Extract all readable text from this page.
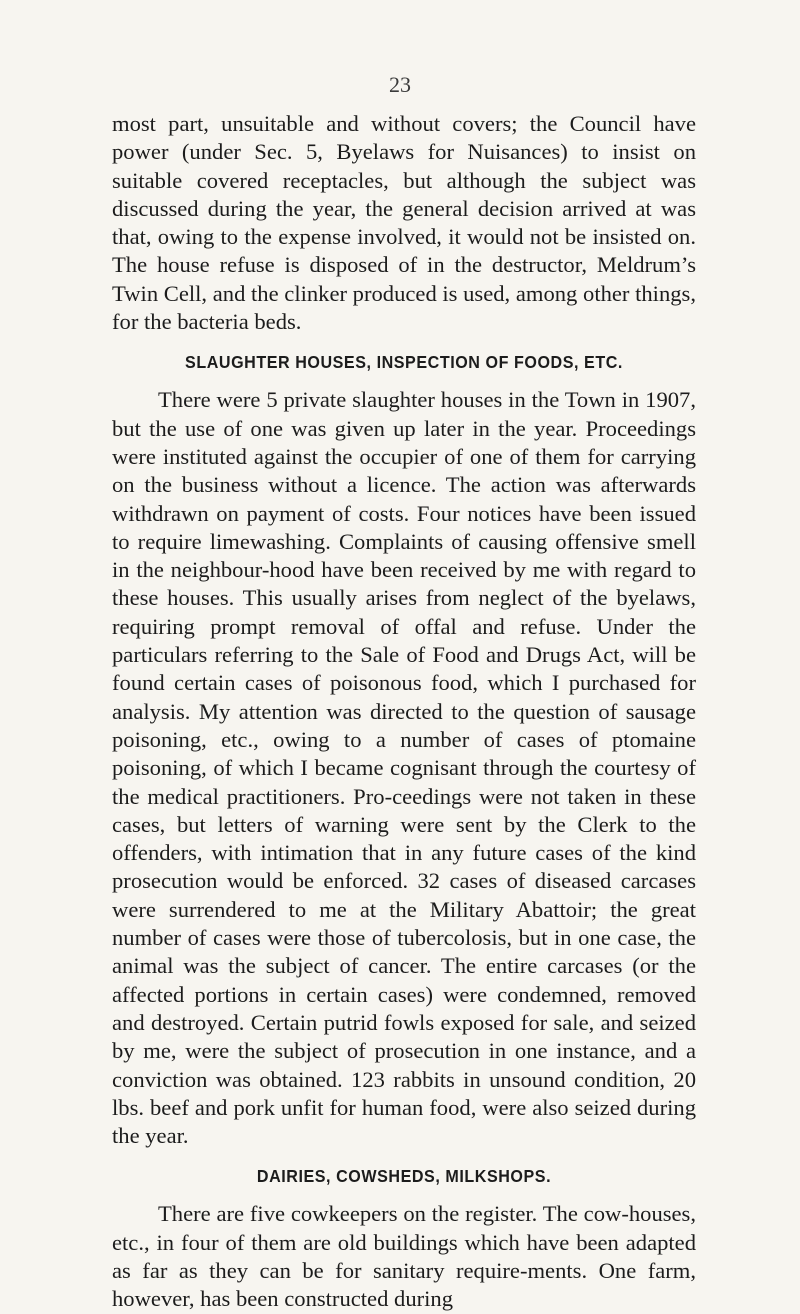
23

most part, unsuitable and without covers; the Council have power (under Sec. 5, Byelaws for Nuisances) to insist on suitable covered receptacles, but although the subject was discussed during the year, the general decision arrived at was that, owing to the expense involved, it would not be insisted on. The house refuse is disposed of in the destructor, Meldrum’s Twin Cell, and the clinker produced is used, among other things, for the bacteria beds.

SLAUGHTER HOUSES, INSPECTION OF FOODS, ETC.

There were 5 private slaughter houses in the Town in 1907, but the use of one was given up later in the year. Proceedings were instituted against the occupier of one of them for carrying on the business without a licence. The action was afterwards withdrawn on payment of costs. Four notices have been issued to require limewashing. Complaints of causing offensive smell in the neighbour-hood have been received by me with regard to these houses. This usually arises from neglect of the byelaws, requiring prompt removal of offal and refuse. Under the particulars referring to the Sale of Food and Drugs Act, will be found certain cases of poisonous food, which I purchased for analysis. My attention was directed to the question of sausage poisoning, etc., owing to a number of cases of ptomaine poisoning, of which I became cognisant through the courtesy of the medical practitioners. Pro-ceedings were not taken in these cases, but letters of warning were sent by the Clerk to the offenders, with intimation that in any future cases of the kind prosecution would be enforced. 32 cases of diseased carcases were surrendered to me at the Military Abattoir; the great number of cases were those of tubercolosis, but in one case, the animal was the subject of cancer. The entire carcases (or the affected portions in certain cases) were condemned, removed and destroyed. Certain putrid fowls exposed for sale, and seized by me, were the subject of prosecution in one instance, and a conviction was obtained. 123 rabbits in unsound condition, 20 lbs. beef and pork unfit for human food, were also seized during the year.

DAIRIES, COWSHEDS, MILKSHOPS.

There are five cowkeepers on the register. The cow-houses, etc., in four of them are old buildings which have been adapted as far as they can be for sanitary require-ments. One farm, however, has been constructed during
